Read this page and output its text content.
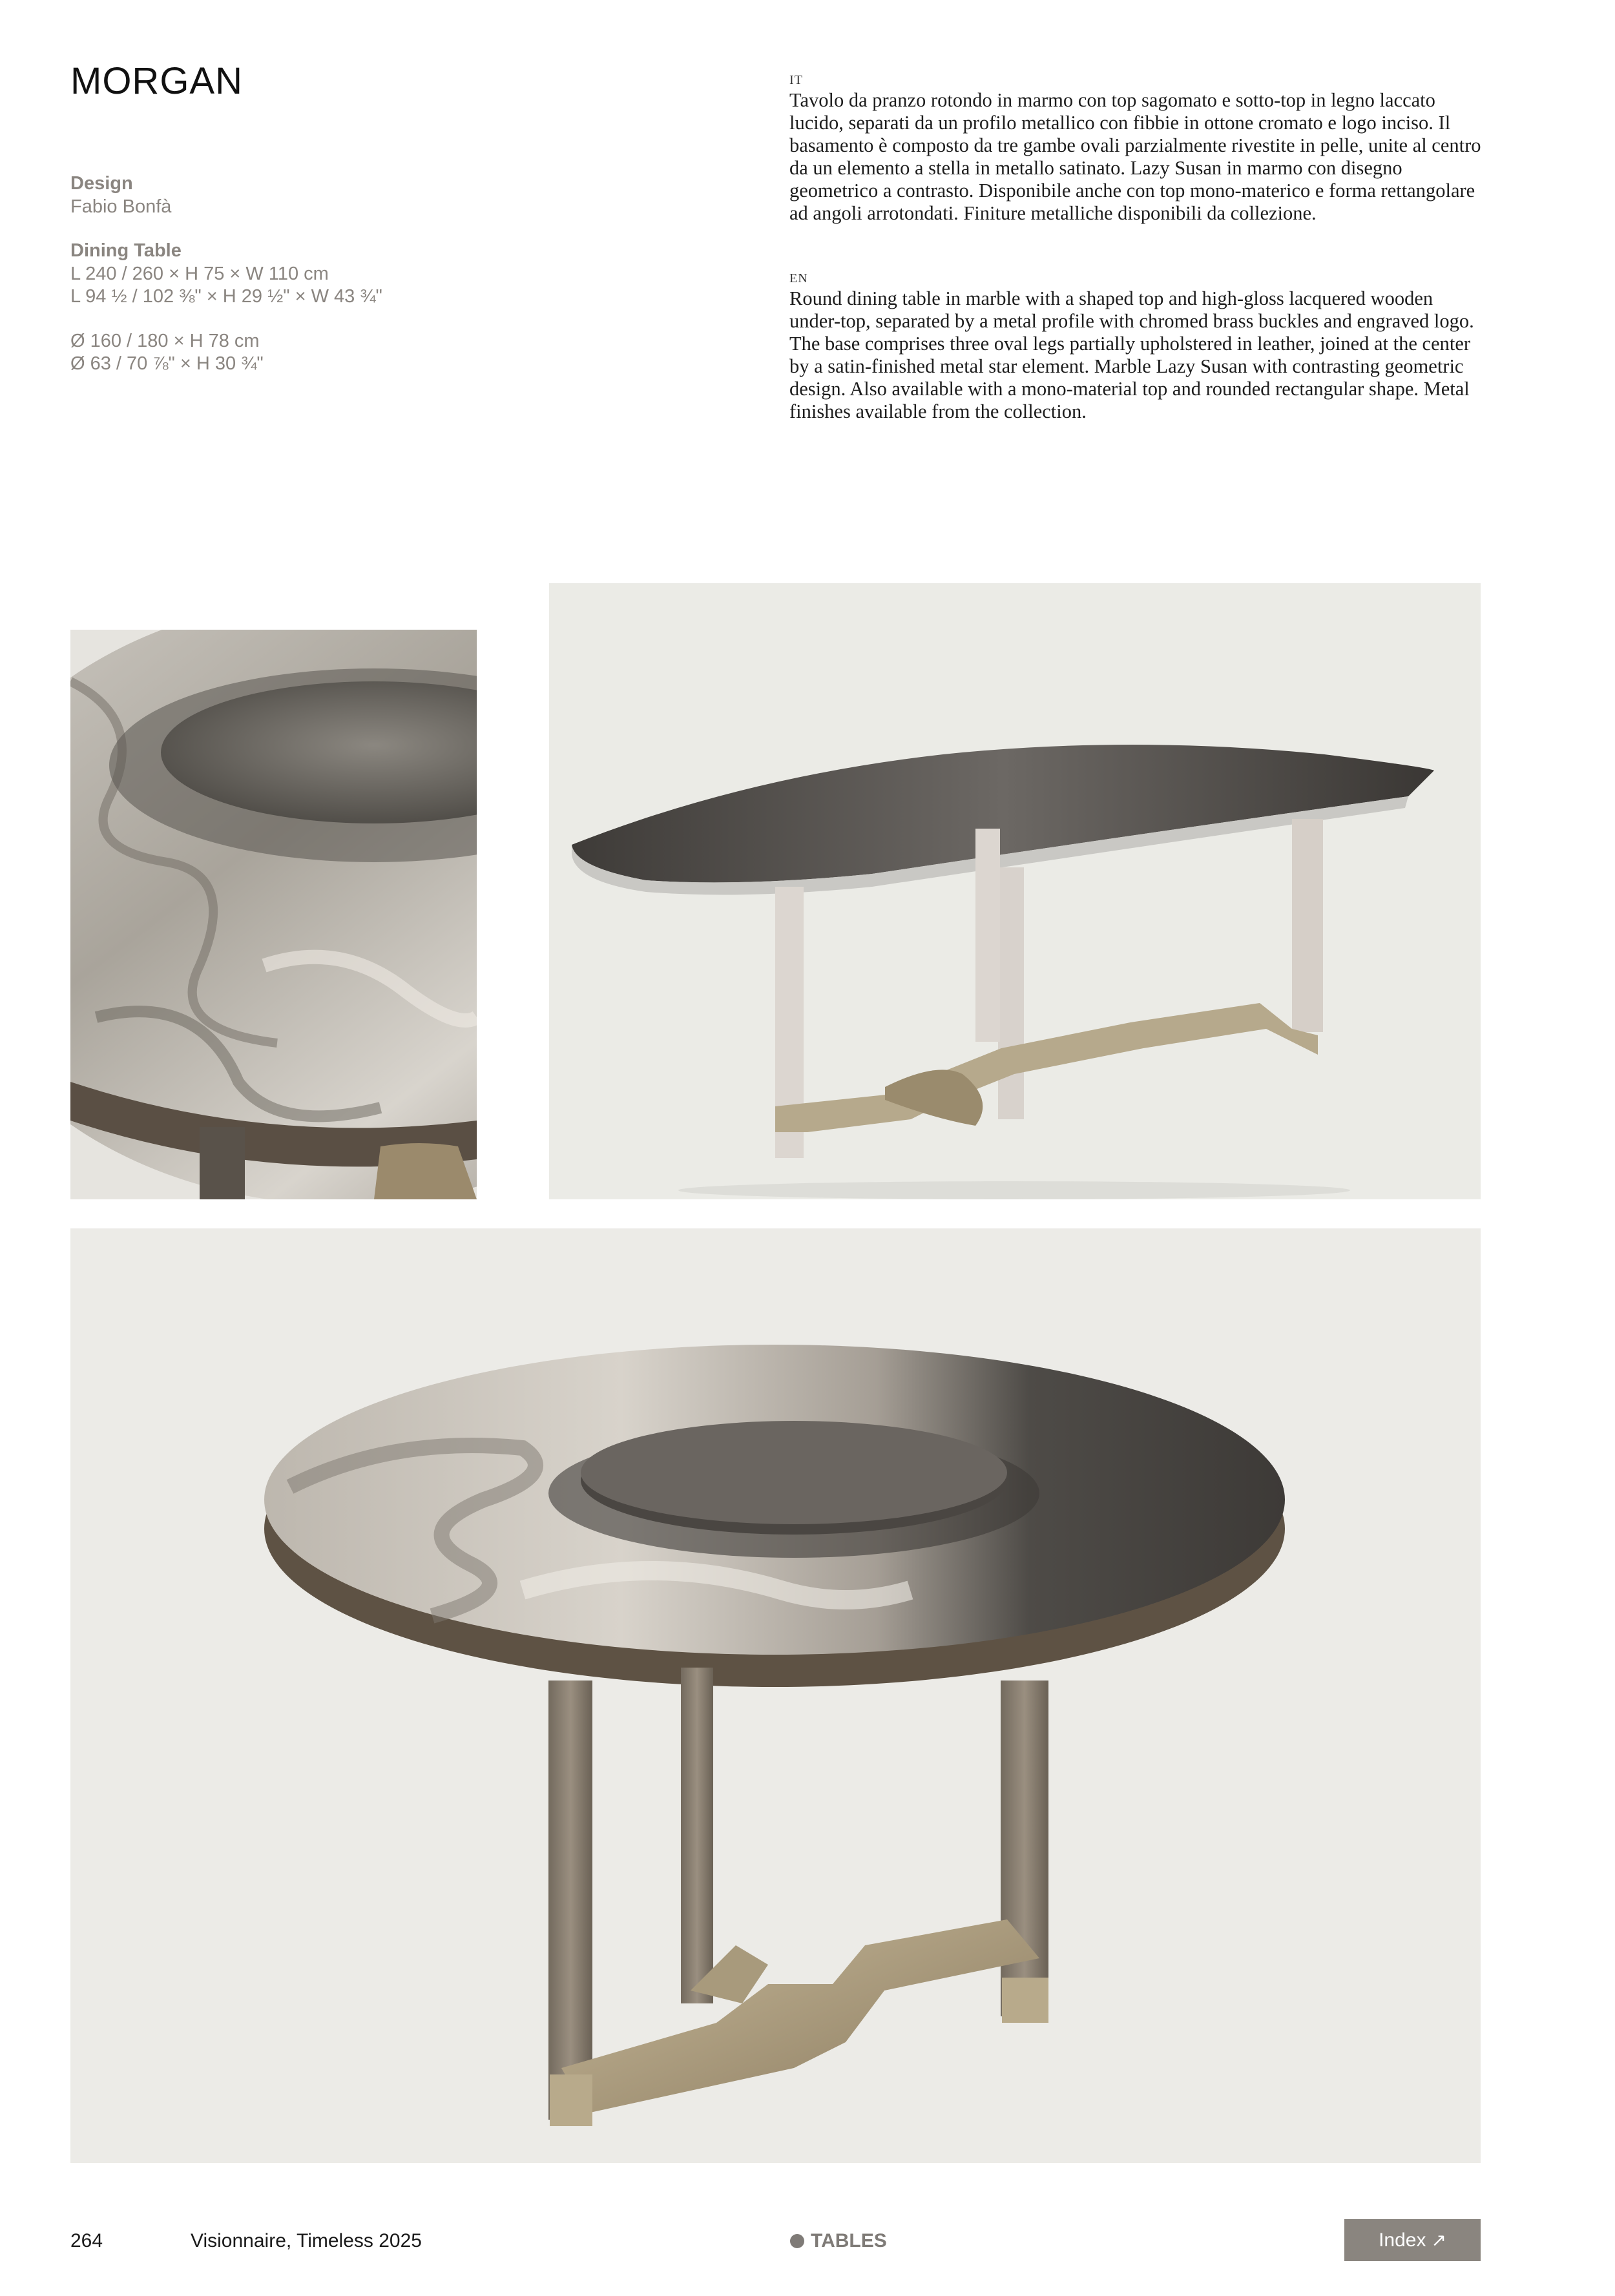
MORGAN
Design
Fabio Bonfà
Dining Table
L 240 / 260 × H 75 × W 110 cm
L 94 ½ / 102 ⅜" × H 29 ½" × W 43 ¾"
Ø 160 / 180 × H 78 cm
Ø 63 / 70 ⅞" × H 30 ¾"
IT
Tavolo da pranzo rotondo in marmo con top sagomato e sotto-top in legno laccato lucido, separati da un profilo metallico con fibbie in ottone cromato e logo inciso. Il basamento è composto da tre gambe ovali parzialmente rivestite in pelle, unite al centro da un elemento a stella in metallo satinato. Lazy Susan in marmo con disegno geometrico a contrasto. Disponibile anche con top mono-materico e forma rettangolare ad angoli arrotondati. Finiture metalliche disponibili da collezione.
EN
Round dining table in marble with a shaped top and high-gloss lacquered wooden under-top, separated by a metal profile with chromed brass buckles and engraved logo. The base comprises three oval legs partially upholstered in leather, joined at the center by a satin-finished metal star element. Marble Lazy Susan with contrasting geometric design. Also available with a mono-material top and rounded rectangular shape. Metal finishes available from the collection.
264	Visionnaire, Timeless 2025	TABLES	Index ↗
